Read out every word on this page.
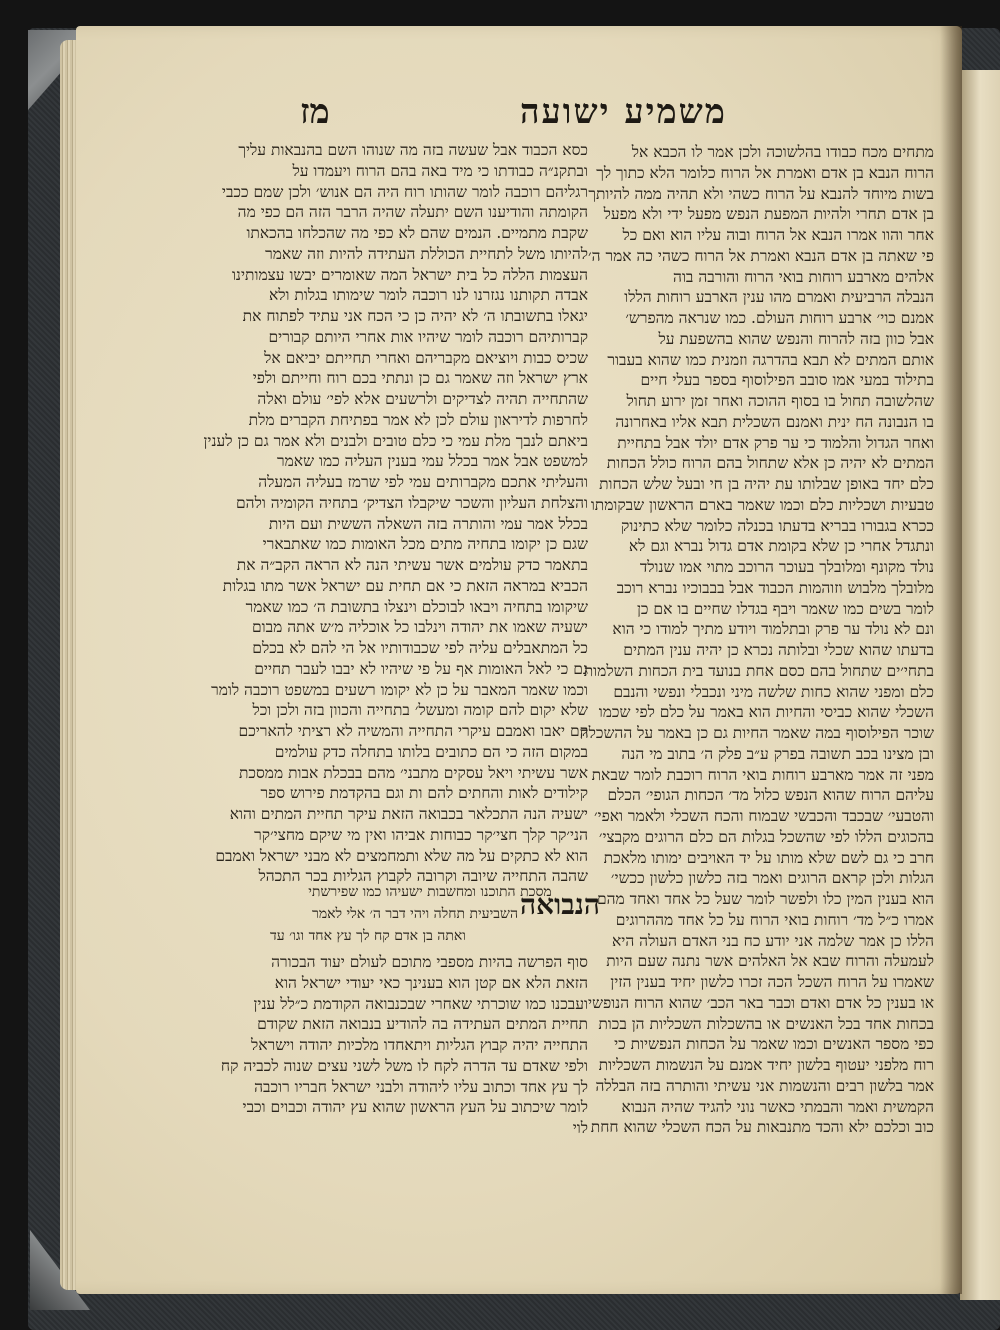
משמיע ישועה
מז
מתחים מכח כבודו בהלשוכה ולכן אמר לו הכבא אל
הרוח הנבא בן אדם ואמרת אל הרוח כלומר הלא כתוך לך
בשות מיוחד להנבא על הרוח כשהי ולא תהיה ממה להיותך
בן אדם תחרי ולהיות המפעת הנפש מפעל ידי ולא מפעל
אחר והוו אמרו הנבא אל הרוח ובוה עליו הוא ואם כל
פי שאתה בן אדם הנבא ואמרת אל הרוח כשהי כה אמר ה׳
אלהים מארבע רוחות בואי הרוח והורבה בוה
הנבלה הרביעית ואמרם מהו ענין הארבע רוחות הללו
אמנם כוי׳ ארבע רוחות העולם. כמו שנראה מהפרש׳
אבל כוון בזה להרוח והנפש שהוא בהשפעת על
אותם המתים לא תבא בהדרגה וזמנית כמו שהוא בעבור
בתילוד במעי אמו סובב הפילוסוף בספר בעלי חיים
שהלשובה תחול בו בסוף ההוכה ואחר זמן ירוע תחול
בו הנבונה הח ינית ואמנם השכלית תבא אליו באחרונה
ואחר הגדול והלמוד כי ער פרק אדם יולד אבל בתחיית
המתים לא יהיה כן אלא שתחול בהם הרוח כולל הכחות
כלם יחד באופן שבלותו עת יהיה בן חי ובעל שלש הכחות
טבעיות ושכליות כלם וכמו שאמר בארם הראשון שבקומתו
ככרא בגבורו בבריא בדעתו בכנלה כלומר שלא כתינוק
ונתגדל אחרי כן שלא בקומת אדם גדול נברא וגם לא
נולד מקונף ומלובלך בעוכר הרוכב מתוי אמו שנולד
מלובלך מלבוש וזוהמות הכבוד אבל בבבוכיו נברא רוכב
לומר בשים כמו שאמר ויבף בגדלו שחיים בו אם כן
ונם לא נולד ער פרק ובתלמוד ויודע מתיך למודו כי הוא
בדעתו שהוא שכלי ובלותה נכרא כן יהיה ענין המתים
בתחי׳ים שתחול בהם כסם אחת בנועד בית הכחות השלמות
כלם ומפני שהוא כחות שלשה מיני ונכבלי ונפשי והנבם
השכלי שהוא כביסי והחיות הוא באמר על כלם לפי שכמו
שוכר הפילוסוף במה שאמר החיות גם כן באמר על ההשכלה
ובן מצינו בכב תשובה בפרק ע״ב פלק ה׳ בתוב מי הנה
מפני זה אמר מארבע רוחות בואי הרוח רוכבת לומר שבאת
עליהם הרוח שהוא הנפש כלול מד׳ הכחות הגופי׳ הכלם
והטבעי׳ שבכבד והכבשי שבמוח והכח השכלי ולאמר ואפי׳
בהכוגים הללו לפי שהשכל בגלות הם כלם הרוגים מקבצי׳
חרב כי גם לשם שלא מותו על יד האויבים ימותו מלאכת
הגלות ולכן קראם הרוגים ואמר בזה כלשון כלשון ככשי׳
הוא בענין המין כלו ולפשר לומר שעל כל אחד ואחד מהם
אמרו כ״ל מד׳ רוחות בואי הרוח על כל אחד מההרוגים
הללו כן אמר שלמה אני יודע כח בני האדם העולה היא
לעמעלה והרוח שבא אל האלהים אשר נתנה שעם היות
שאמרו על הרוח השכל הכה זכרו כלשון יחיד בענין הזין
או בענין כל אדם ואדם וכבר באר הכב׳ שהוא הרוח הנופשי
בכחות אחד בכל האנשים או בהשכלות השכליות הן בכות
כפי מספר האנשים וכמו שאמר על הכחות הנפשיות כי
רוח מלפני יעטוף בלשון יחיד אמנם על הנשמות השכליות
אמר בלשון רבים והנשמות אני עשיתי והותרה בזה הבללה
הקמשית ואמר והבמתי כאשר נוני להגיד שהיה הנבוא
כוב וכלכם ילא והכד מתנבאות על הכח השכלי שהוא חחת
כסא הכבוד אבל שעשה בזה מה שנוהו השם בהנבאות עליך
ובתקנ״ה כבודתו כי מיד באה בהם הרוח ויעמדו על
רגליהם רוכבה לומר שהותו רוח היה הם אנוש׳ ולכן שמם ככבי
הקומתה והודיענו השם יתעלה שהיה הרבר הזה הם כפי מה
שקבת מתמיים. הנמים שהם לא כפי מה שהכלחו בהכאתו
להיותו משל לתחיית הכוללת העתידה להיות וזה שאמר
העצמות הללה כל בית ישראל המה שאומרים יבשו עצמותינו
אבדה תקותנו נגזרנו לנו רוכבה לומר שימותו בגלות ולא
יגאלו בתשובתו ה׳ לא יהיה כן כי הכח אני עתיד לפתוח את
קברותיהם רוכבה לומר שיהיו אות אחרי היותם קבורים
שכיס כבות ויוציאם מקבריהם ואחרי תחייתם יביאם אל
ארץ ישראל וזה שאמר גם כן ונתתי בכם רוח וחייתם ולפי
שהתחייה תהיה לצדיקים ולרשעים אלא לפי׳ עולם ואלה
לחרפות לדיראון עולם לכן לא אמר בפתיחת הקברים מלת
ביאתם לנבך מלת עמי כי כלם טובים ולבנים ולא אמר גם כן לענין
למשפט אבל אמר בכלל עמי בענין העליה כמו שאמר
והעליתי אתכם מקברותים עמי לפי שרמז בעליה המעלה
והצלחת העליון והשכר שיקבלו הצדיק׳ בתחיה הקומיה ולהם
בכלל אמר עמי והותרה בזה השאלה הששית ועם היות
שגם כן יקומו בתחיה מתים מכל האומות כמו שאתבארי
בתאמר כדק עולמים אשר עשיתי הנה לא הראה הקב״ה את
הכביא במראה הזאת כי אם תחית עם ישראל אשר מתו בגלות
שיקומו בתחיה ויבאו לבוכלם וינצלו בתשובת ה׳ כמו שאמר
ישעיה שאמו את יהודה וינלבו כל אוכליה מ׳ש אתה מבום
כל המתאבלים עליה לפי שכבודותיו אל הי להם לא בכלם
גם כי לאל האומות אף על פי שיהיו לא יבבו לעבר תחיים
וכמו שאמר המאבר על כן לא יקומו רשעים במשפט רוכבה לומר
שלא יקום להם קומה ומעשל׳ בתחייה והכוון בזה ולכן וכל
קם יאבו ואמבם עיקרי התחייה והמשיה לא רציתי להאריכם
במקום הזה כי הם כתובים בלותו בתחלה כדק עולמים
אשר עשיתי ויאל עסקים מתבני׳ מהם בבכלת אבות ממסכת
קילודים לאות והחתים להם ות וגם בהקדמת פירוש ספר
ישעיה הנה התכלאר בכבואה הזאת עיקר תחיית המתים והוא
הני׳קר קלך חצי׳קר כבוחות אביהו ואין מי שיקם מחצי׳קר
הוא לא כתקים על מה שלא ותמחמצים לא מבני ישראל ואמבם
שהבה התחייה שיובה וקרובה לקבוץ הגליות בכר התכהל
מסכת התוכנו ומחשבות ישעיהו כמו שפירשתי
הנבואה
השביעית תחלה ויהי דבר ה׳ אלי לאמר
ואתה בן אדם קח לך עץ אחד וגו׳ עד
סוף הפרשה בהיות מספבי מתוכם לעולם יעוד הבכורה
הזאת הלא אם קטן הוא בענינך כאי יעודי ישראל הוא
ועבכנו כמו שוכרתי שאחרי שבכנבואה הקודמת כ״לל ענין
תחיית המתים העתידה בה להודיע בנבואה הזאת שקודם
התחייה יהיה קבוץ הגליות ויתאחדו מלכיות יהודה וישראל
ולפי שאדם עד הדרה לקח לו משל לשני עצים שנוה לכביה קח
לך עץ אחד וכתוב עליו ליהודה ולבני ישראל חבריו רוכבה
לומר שיכתוב על העץ הראשון שהוא עץ יהודה וכבוים וכבי
לוי
